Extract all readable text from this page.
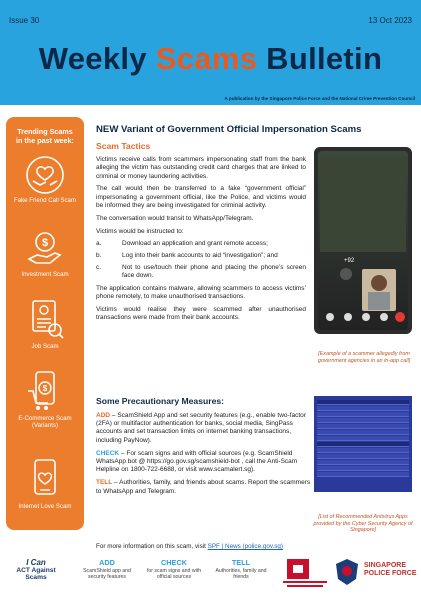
Issue 30	13 Oct 2023
Weekly Scams Bulletin
A publication by the Singapore Police Force and the National Crime Prevention Council
Trending Scams
in the past week:
Fake Friend Call Scam
$
Investment Scam
Job Scam
$
E-Commerce Scam (Variants)
Internet Love Scam
NEW Variant of Government Official Impersonation Scams
Scam Tactics

Victims receive calls from scammers impersonating staff from the bank alleging the victim has outstanding credit card charges that are linked to criminal or money laundering activities.

The call would then be transferred to a fake “government official” impersonating a government official, like the Police, and victims would be informed they are being investigated for criminal activity.

The conversation would transit to WhatsApp/Telegram.

Victims would be instructed to:

a.	Download an application and grant remote access;
b.	Log into their bank accounts to aid “investigation”; and
c.	Not to use/touch their phone and placing the phone’s screen face down.

The application contains malware, allowing scammers to access victims’ phone remotely, to make unauthorised transactions.

Victims would realise they were scammed after unauthorised transactions were made from their bank accounts.

+92
[Example of a scammer allegedly from government agencies in an in-app call]
Some Precautionary Measures:

ADD – ScamShield App and set security features (e.g., enable two-factor (2FA) or multifactor authentication for banks, social media, SingPass accounts and set transaction limits on internet banking transactions, including PayNow).

CHECK – For scam signs and with official sources (e.g. ScamShield WhatsApp bot @ https://go.gov.sg/scamshield-bot , call the Anti-Scam Helpline on 1800-722-6688, or visit www.scamalert.sg).

TELL – Authorities, family, and friends about scams. Report the scammers to WhatsApp and Telegram.

[List of Recommended Antivirus Apps provided by the Cyber Security Agency of Singapore]
For more information on this scam, visit SPF | News (police.gov.sg)
I Can
ACT Against Scams
ADD
ScamShield app and security features
CHECK
for scam signs and with official sources
TELL
Authorities, family and friends
SINGAPORE
POLICE FORCE
